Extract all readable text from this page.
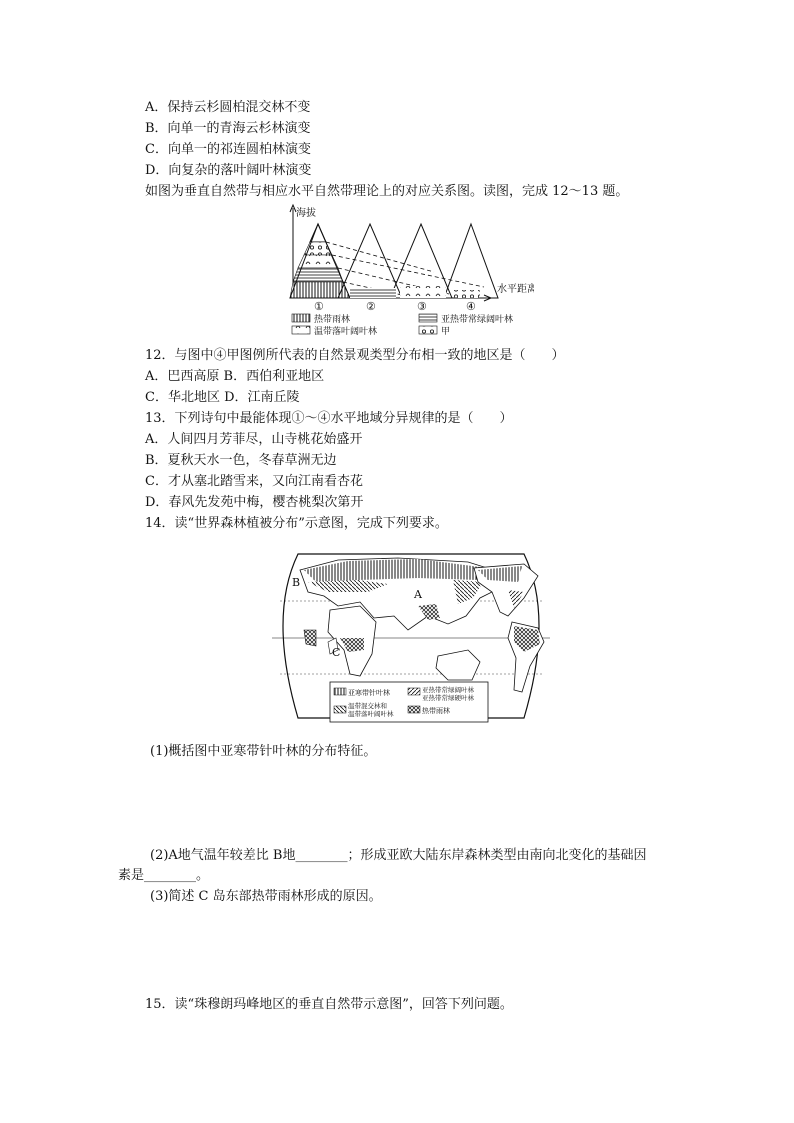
A．保持云杉圆柏混交林不变
B．向单一的青海云杉林演变
C．向单一的祁连圆柏林演变
D．向复杂的落叶阔叶林演变
如图为垂直自然带与相应水平自然带理论上的对应关系图。读图，完成 12～13 题。
海拔
水平距离
①	②	③	④
热带雨林	亚热带常绿阔叶林
温带落叶阔叶林	甲
12．与图中④甲图例所代表的自然景观类型分布相一致的地区是（　　）
A．巴西高原 B．西伯利亚地区
C．华北地区 D．江南丘陵
13．下列诗句中最能体现①～④水平地域分异规律的是（　　）
A．人间四月芳菲尽，山寺桃花始盛开
B．夏秋天水一色，冬春草洲无边
C．才从塞北踏雪来，又向江南看杏花
D．春风先发苑中梅，樱杏桃梨次第开
14．读“世界森林植被分布”示意图，完成下列要求。
B
A
C
亚寒带针叶林	亚热带常绿阔叶林
亚热带常绿硬叶林
温带混交林和
温带落叶阔叶林	热带雨林
(1)概括图中亚寒带针叶林的分布特征。
(2)A地气温年较差比 B地________；形成亚欧大陆东岸森林类型由南向北变化的基础因
素是________。
(3)简述 C 岛东部热带雨林形成的原因。
15．读“珠穆朗玛峰地区的垂直自然带示意图”，回答下列问题。
